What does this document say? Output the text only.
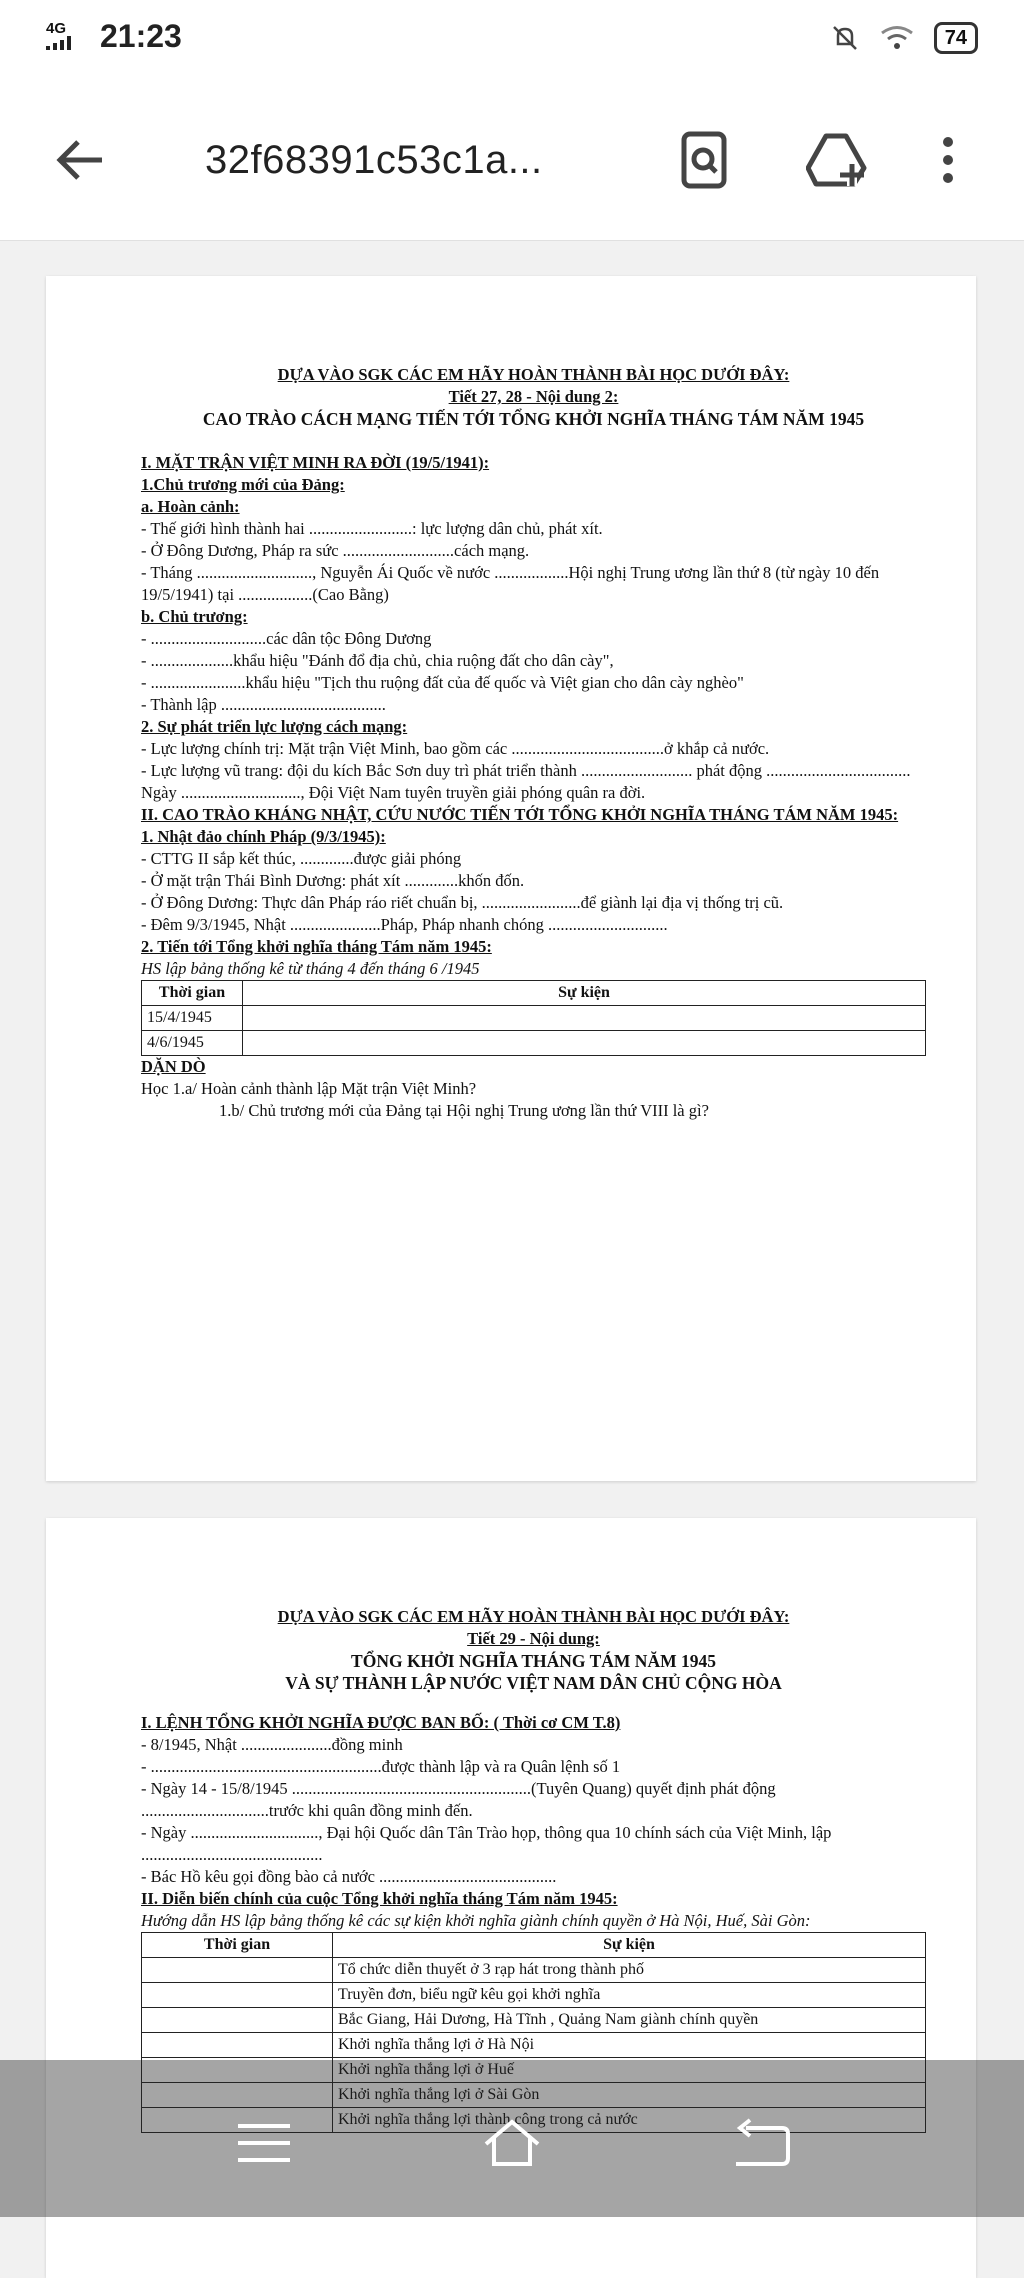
4G	21:23	74
32f68391c53c1a...

DỰA VÀO SGK CÁC EM HÃY HOÀN THÀNH BÀI HỌC DƯỚI ĐÂY:

Tiết 27, 28 - Nội dung 2:

CAO TRÀO CÁCH MẠNG TIẾN TỚI TỔNG KHỞI NGHĨA THÁNG TÁM NĂM 1945

I. MẶT TRẬN VIỆT MINH RA ĐỜI (19/5/1941):

1.Chủ trương mới của Đảng:

a. Hoàn cảnh:

- Thế giới hình thành hai .........................: lực lượng dân chủ, phát xít.

- Ở Đông Dương, Pháp ra sức ...........................cách mạng.

- Tháng ............................, Nguyễn Ái Quốc về nước ..................Hội nghị Trung ương lần thứ 8 (từ ngày 10 đến 19/5/1941) tại ..................(Cao Bằng)

b. Chủ trương:

- ............................các dân tộc Đông Dương

- ....................khẩu hiệu "Đánh đổ địa chủ, chia ruộng đất cho dân cày",

- .......................khẩu hiệu "Tịch thu ruộng đất của đế quốc và Việt gian cho dân cày nghèo"

- Thành lập ........................................

2. Sự phát triển lực lượng cách mạng:

- Lực lượng chính trị: Mặt trận Việt Minh, bao gồm các .....................................ở khắp cả nước.

- Lực lượng vũ trang: đội du kích Bắc Sơn duy trì phát triển thành ........................... phát động ................................... Ngày ............................., Đội Việt Nam tuyên truyền giải phóng quân ra đời.

II. CAO TRÀO KHÁNG NHẬT, CỨU NƯỚC TIẾN TỚI TỔNG KHỞI NGHĨA THÁNG TÁM NĂM 1945:

1. Nhật đảo chính Pháp (9/3/1945):

- CTTG II sắp kết thúc, .............được giải phóng

- Ở mặt trận Thái Bình Dương: phát xít .............khốn đốn.

- Ở Đông Dương: Thực dân Pháp ráo riết chuẩn bị, ........................để giành lại địa vị thống trị cũ.

- Đêm 9/3/1945, Nhật ......................Pháp, Pháp nhanh chóng .............................

2. Tiến tới Tổng khởi nghĩa tháng Tám năm 1945:

HS lập bảng thống kê từ tháng 4 đến tháng 6 /1945

Thời gian	Sự kiện
15/4/1945	
4/6/1945	

DẶN DÒ

Học 1.a/ Hoàn cảnh thành lập Mặt trận Việt Minh?

1.b/ Chủ trương mới của Đảng tại Hội nghị Trung ương lần thứ VIII là gì?

DỰA VÀO SGK CÁC EM HÃY HOÀN THÀNH BÀI HỌC DƯỚI ĐÂY:

Tiết 29 - Nội dung:

TỔNG KHỞI NGHĨA THÁNG TÁM NĂM 1945

VÀ SỰ THÀNH LẬP NƯỚC VIỆT NAM DÂN CHỦ CỘNG HÒA

I. LỆNH TỔNG KHỞI NGHĨA ĐƯỢC BAN BỐ: ( Thời cơ CM T.8)

- 8/1945, Nhật ......................đồng minh

- ........................................................được thành lập và ra Quân lệnh số 1

- Ngày 14 - 15/8/1945 ..........................................................(Tuyên Quang) quyết định phát động ...............................trước khi quân đồng minh đến.

- Ngày ..............................., Đại hội Quốc dân Tân Trào họp, thông qua 10 chính sách của Việt Minh, lập ............................................

- Bác Hồ kêu gọi đồng bào cả nước ...........................................

II. Diễn biến chính của cuộc Tổng khởi nghĩa tháng Tám năm 1945:

Hướng dẫn HS lập bảng thống kê các sự kiện khởi nghĩa giành chính quyền ở Hà Nội, Huế, Sài Gòn:

Thời gian	Sự kiện
	Tổ chức diễn thuyết ở 3 rạp hát trong thành phố
	Truyền đơn, biểu ngữ kêu gọi khởi nghĩa
	Bắc Giang, Hải Dương, Hà Tĩnh , Quảng Nam giành chính quyền
	Khởi nghĩa thắng lợi ở Hà Nội
	Khởi nghĩa thắng lợi ở Huế
	Khởi nghĩa thắng lợi ở Sài Gòn
	Khởi nghĩa thắng lợi thành công trong cả nước
